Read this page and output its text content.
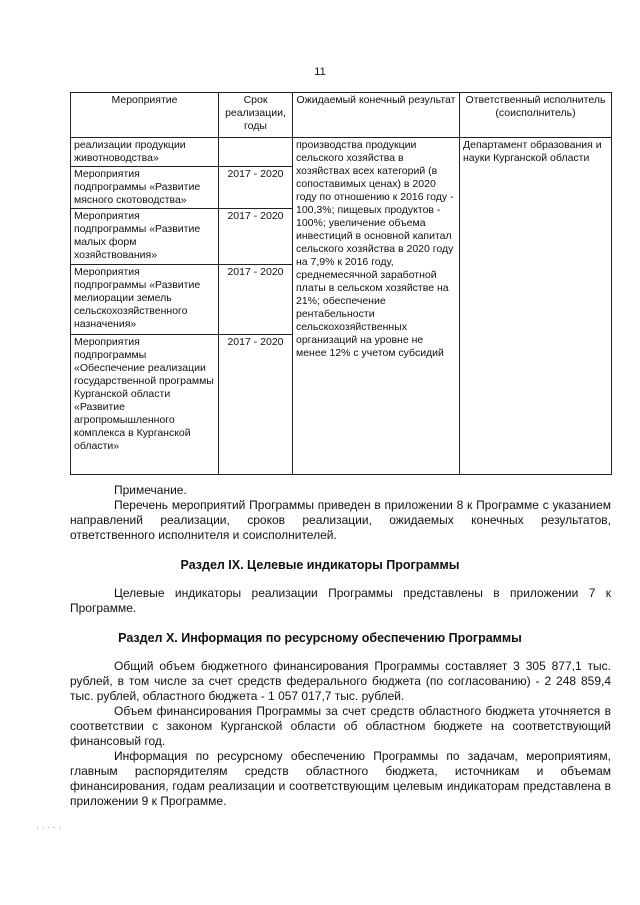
11
Мероприятие	Срок реализации, годы	Ожидаемый конечный результат	Ответственный исполнитель (соисполнитель)
реализации продукции животноводства»		производства продукции сельского хозяйства в хозяйствах всех категорий (в сопоставимых ценах) в 2020 году по отношению к 2016 году - 100,3%; пищевых продуктов - 100%; увеличение объема инвестиций в основной капитал сельского хозяйства в 2020 году на 7,9% к 2016 году, среднемесячной заработной платы в сельском хозяйстве на 21%; обеспечение рентабельности сельскохозяйственных организаций на уровне не менее 12% с учетом субсидий	Департамент образования и науки Курганской области
Мероприятия подпрограммы «Развитие мясного скотоводства»	2017 - 2020		
Мероприятия подпрограммы «Развитие малых форм хозяйствования»	2017 - 2020		
Мероприятия подпрограммы «Развитие мелиорации земель сельскохозяйственного назначения»	2017 - 2020		
Мероприятия подпрограммы «Обеспечение реализации государственной программы Курганской области «Развитие агропромышленного комплекса в Курганской области»	2017 - 2020		

Примечание.

Перечень мероприятий Программы приведен в приложении 8 к Программе с указанием направлений реализации, сроков реализации, ожидаемых конечных результатов, ответственного исполнителя и соисполнителей.

Раздел IX. Целевые индикаторы Программы

Целевые индикаторы реализации Программы представлены в приложении 7 к Программе.

Раздел X. Информация по ресурсному обеспечению Программы

Общий объем бюджетного финансирования Программы составляет 3 305 877,1 тыс. рублей, в том числе за счет средств федерального бюджета (по согласованию) - 2 248 859,4 тыс. рублей, областного бюджета - 1 057 017,7 тыс. рублей.

Объем финансирования Программы за счет средств областного бюджета уточняется в соответствии с законом Курганской области об областном бюджете на соответствующий финансовый год.

Информация по ресурсному обеспечению Программы по задачам, мероприятиям, главным распорядителям средств областного бюджета, источникам и объемам финансирования, годам реализации и соответствующим целевым индикаторам представлена в приложении 9 к Программе.

· · · · ·
